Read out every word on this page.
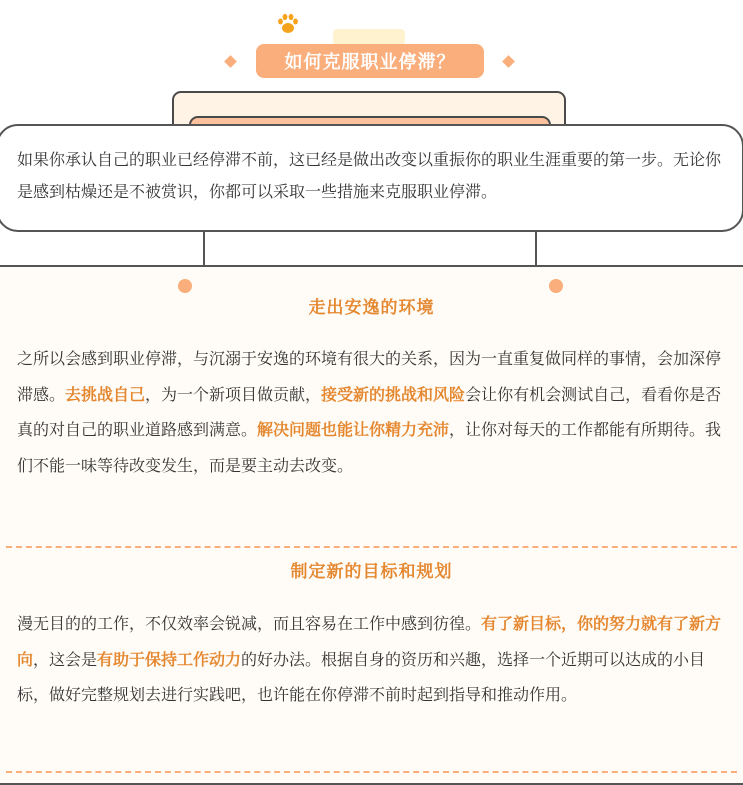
如何克服职业停滞？
如果你承认自己的职业已经停滞不前，这已经是做出改变以重振你的职业生涯重要的第一步。无论你是感到枯燥还是不被赏识，你都可以采取一些措施来克服职业停滞。
走出安逸的环境
之所以会感到职业停滞，与沉溺于安逸的环境有很大的关系，因为一直重复做同样的事情，会加深停滞感。去挑战自己，为一个新项目做贡献，接受新的挑战和风险会让你有机会测试自己，看看你是否真的对自己的职业道路感到满意。解决问题也能让你精力充沛，让你对每天的工作都能有所期待。我们不能一味等待改变发生，而是要主动去改变。
制定新的目标和规划
漫无目的的工作，不仅效率会锐减，而且容易在工作中感到彷徨。有了新目标，你的努力就有了新方向，这会是有助于保持工作动力的好办法。根据自身的资历和兴趣，选择一个近期可以达成的小目标，做好完整规划去进行实践吧，也许能在你停滞不前时起到指导和推动作用。
